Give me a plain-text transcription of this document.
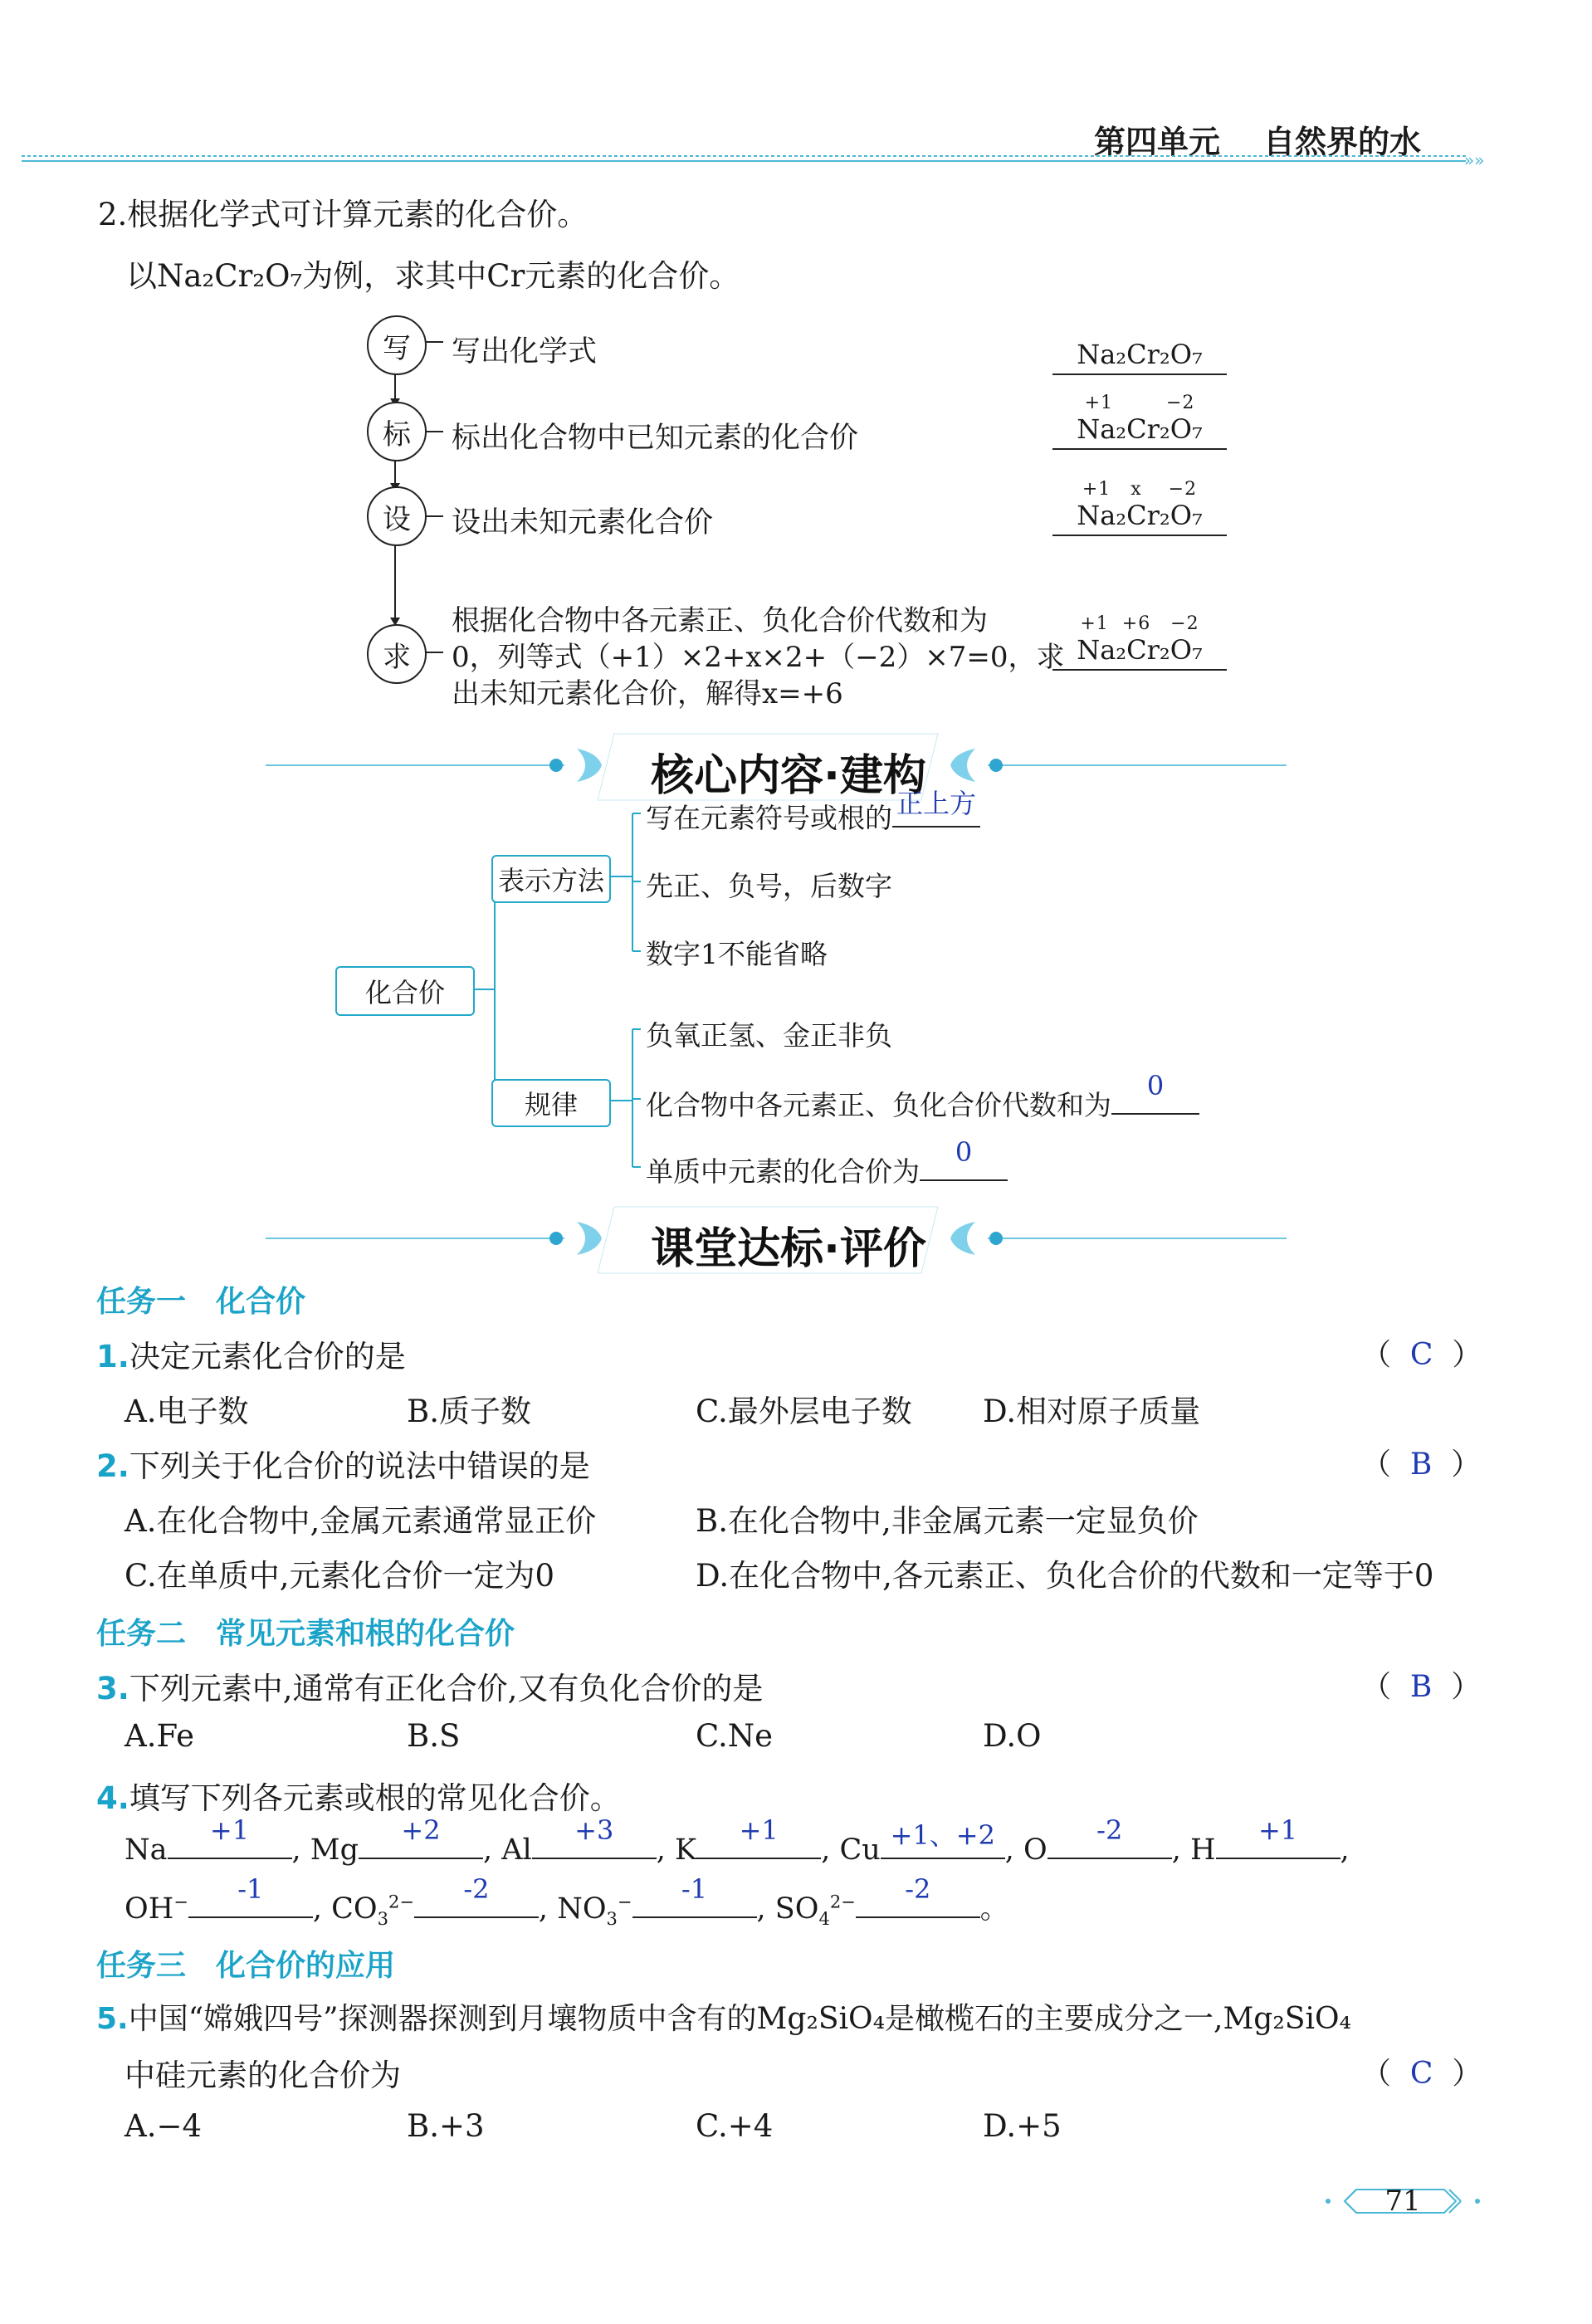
第四单元 自然界的水	»»
2.根据化学式可计算元素的化合价。
以Na₂Cr₂O₇为例，求其中Cr元素的化合价。
写	写出化学式
标	标出化合物中已知元素的化合价
设	设出未知元素化合价
求
根据化合物中各元素正、负化合价代数和为
0，列等式（+1）×2+x×2+（−2）×7=0，求
出未知元素化合价，解得x=+6
Na₂Cr₂O₇
+1        −2
Na₂Cr₂O₇
+1   x    −2
Na₂Cr₂O₇
+1  +6   −2
Na₂Cr₂O₇
核心内容·建构
化合价
表示方法
规律
写在元素符号或根的 正上方
先正、负号，后数字
数字1不能省略
负氧正氢、金正非负
化合物中各元素正、负化合价代数和为
0
单质中元素的化合价为
0
课堂达标·评价
任务一　化合价
1.决定元素化合价的是	（  C  ）
A.电子数	B.质子数	C.最外层电子数 D.相对原子质量
2.下列关于化合价的说法中错误的是	（  B  ）
A.在化合物中,金属元素通常显正价	B.在化合物中,非金属元素一定显负价
C.在单质中,元素化合价一定为0	D.在化合物中,各元素正、负化合价的代数和一定等于0
任务二　常见元素和根的化合价
3.下列元素中,通常有正化合价,又有负化合价的是	（  B  ）
A.Fe	B.S	C.Ne	D.O
4.填写下列各元素或根的常见化合价。
Na
+1
, Mg
+2
, Al
+3
, K
+1
, Cu +1、+2 , O
-2
, H
+1
,
OH−	-1
, $CO_3^{2-}$	-2
, $NO_3^-$	-1
, $SO_4^{2-}$	-2
。
任务三　化合价的应用
5.中国“嫦娥四号”探测器探测到月壤物质中含有的Mg₂SiO₄是橄榄石的主要成分之一,Mg₂SiO₄
中硅元素的化合价为	（  C  ）
A.−4	B.+3	C.+4	D.+5
71
